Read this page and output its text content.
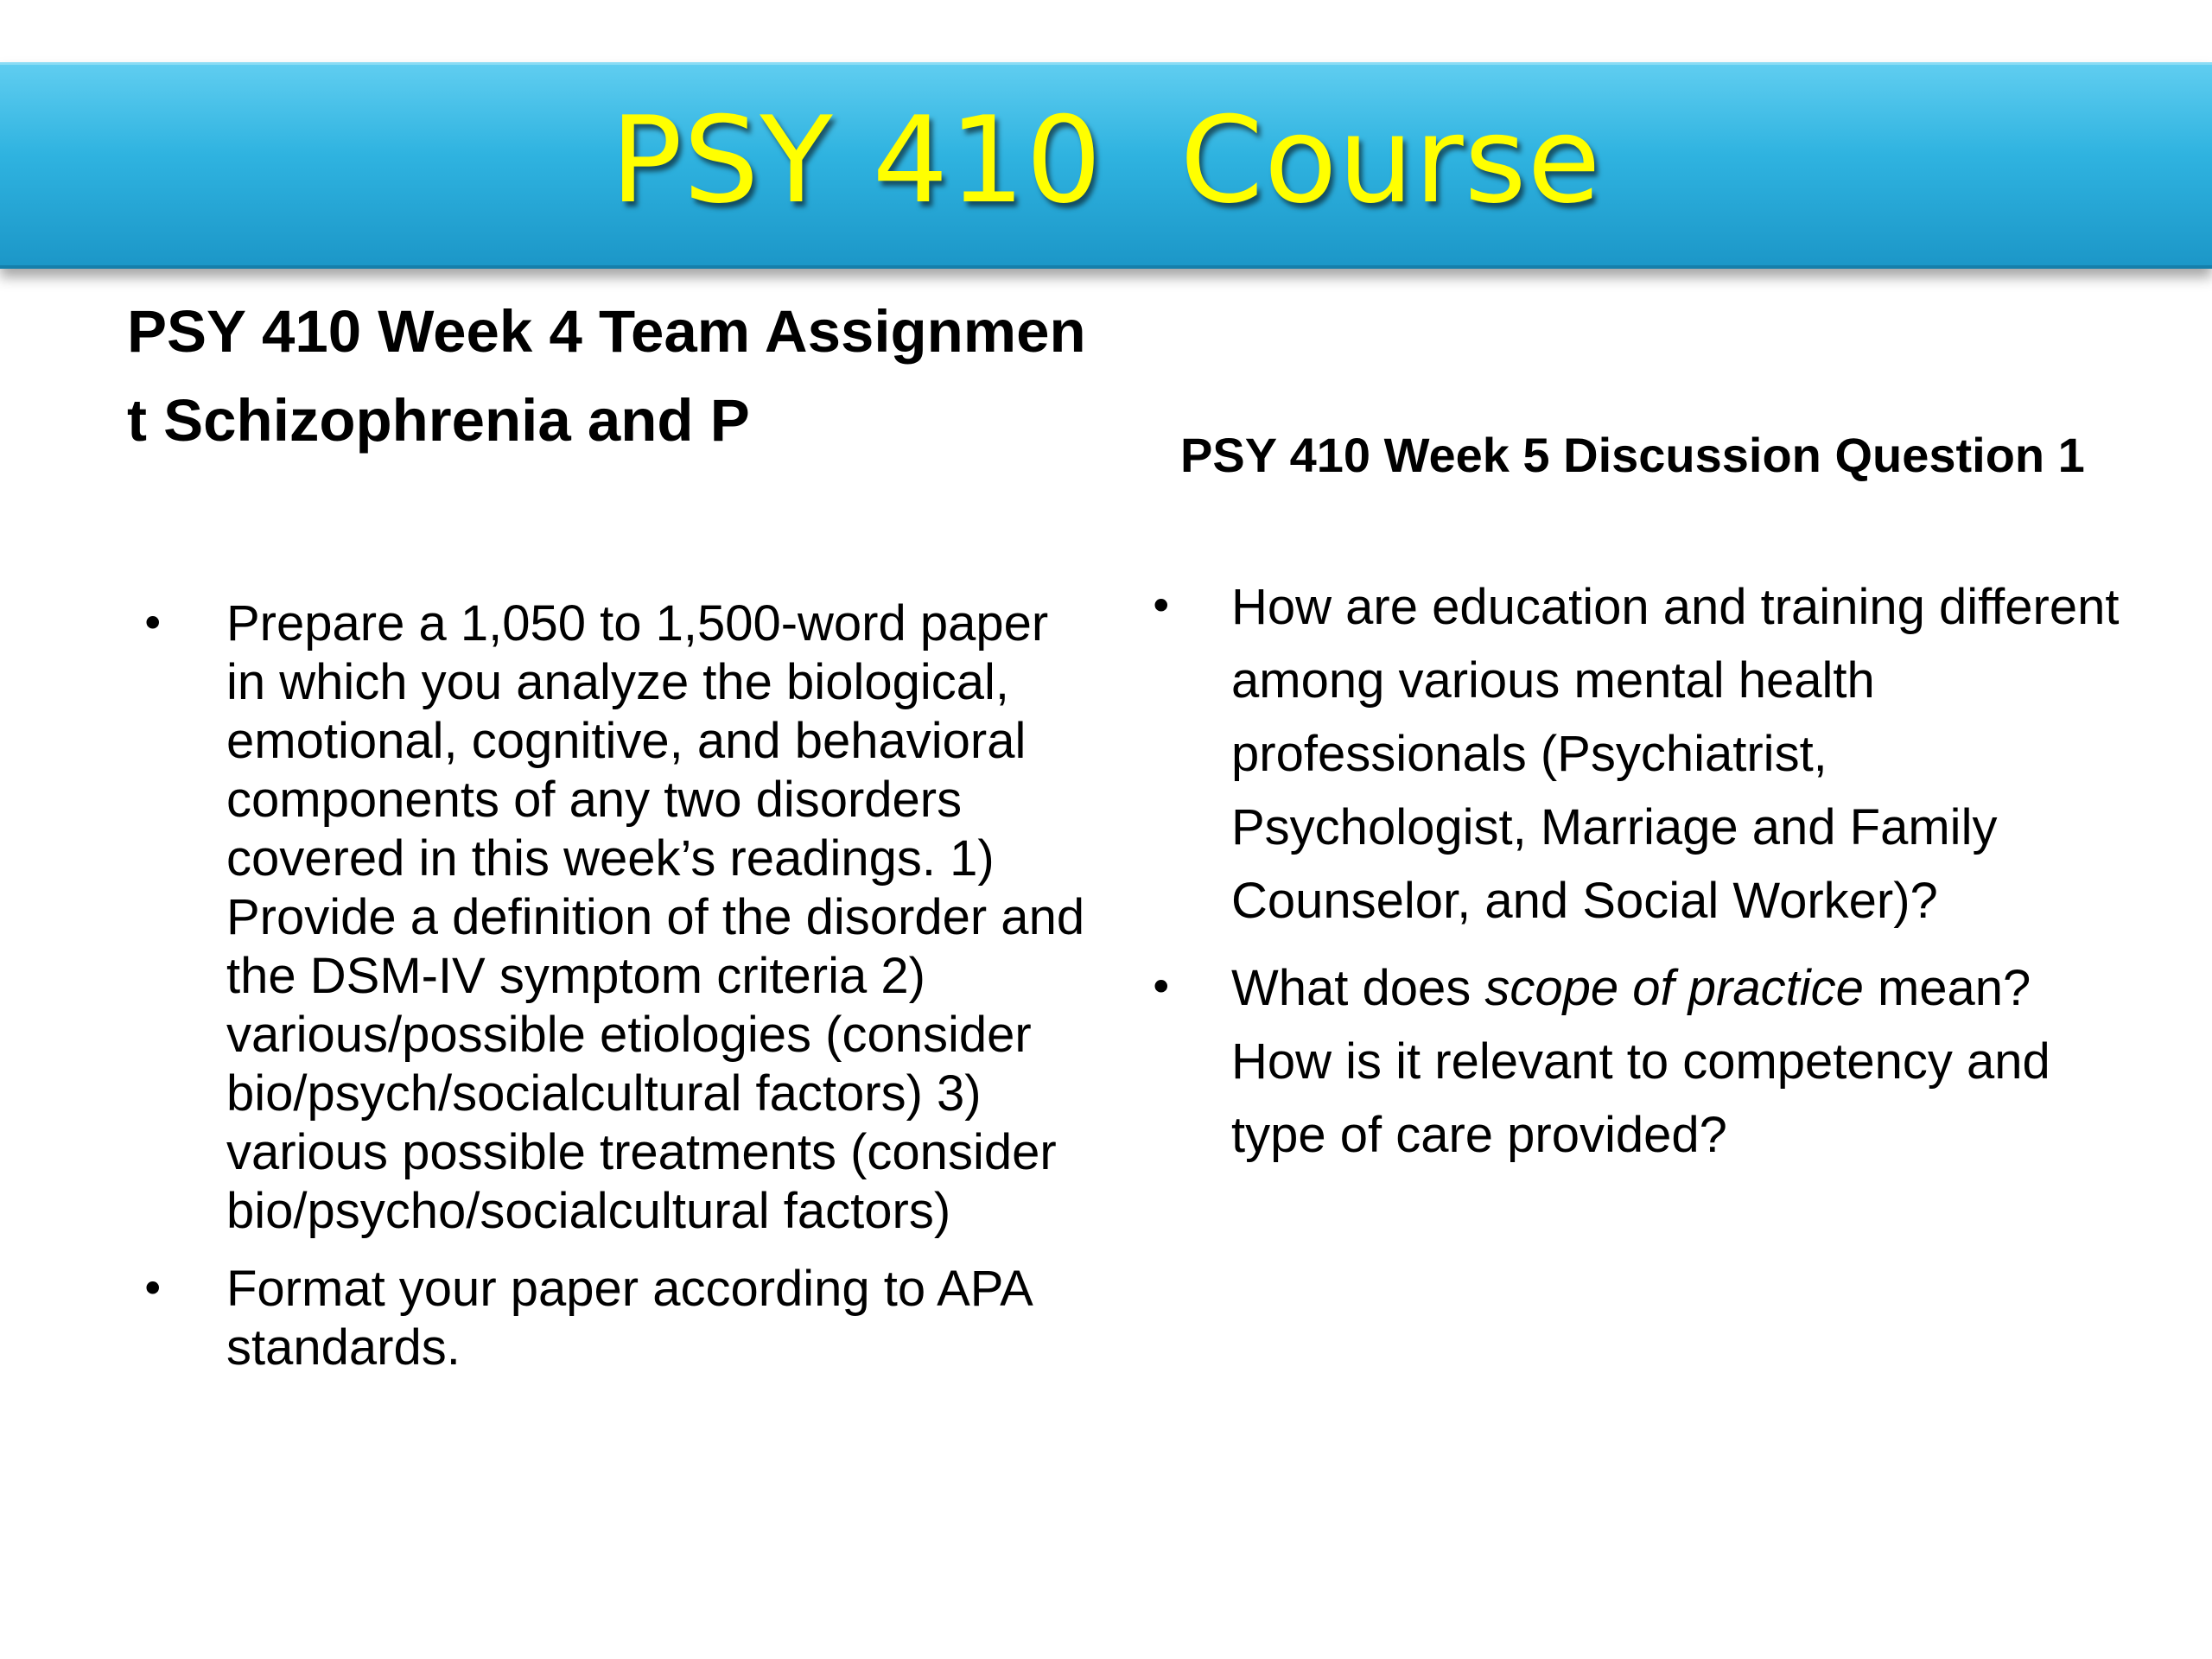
PSY 410  Course
PSY 410 Week 4 Team Assignment Schizophrenia and P
• Prepare a 1,050 to 1,500-word paper in which you analyze the biological, emotional, cognitive, and behavioral components of any two disorders covered in this week’s readings. 1) Provide a definition of the disorder and the DSM-IV symptom criteria 2) various/possible etiologies (consider bio/psych/socialcultural factors) 3) various possible treatments (consider bio/psycho/socialcultural factors)
• Format your paper according to APA standards.
PSY 410 Week 5 Discussion Question 1
• How are education and training different among various mental health professionals (Psychiatrist, Psychologist, Marriage and Family Counselor, and Social Worker)?
• What does scope of practice mean? How is it relevant to competency and type of care provided?
